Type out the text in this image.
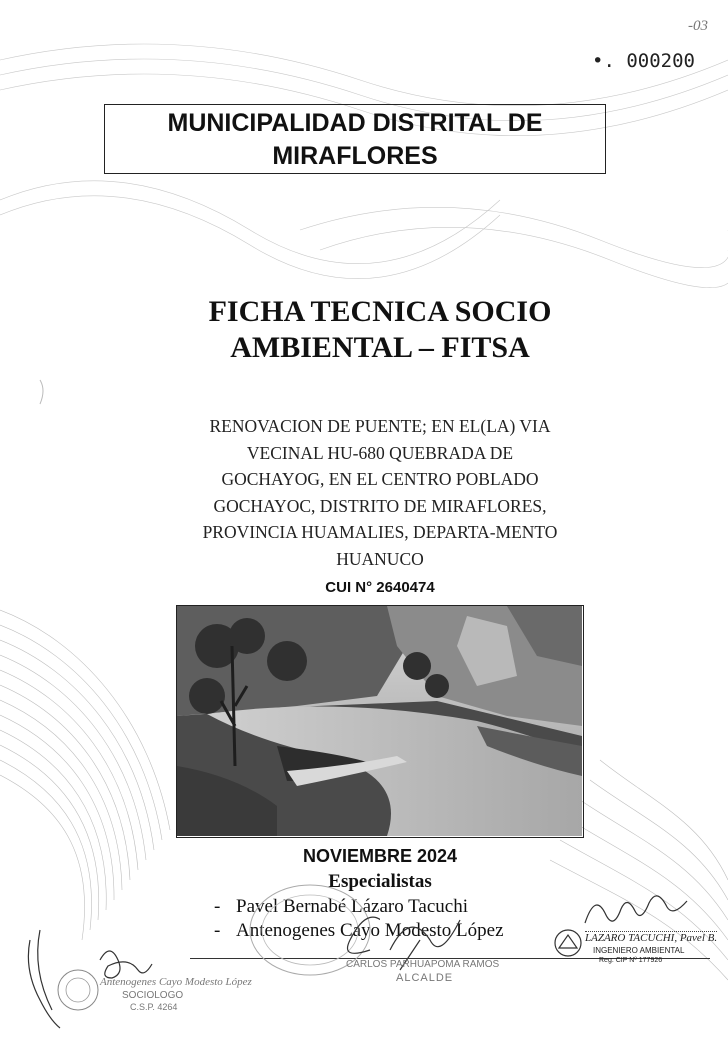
•. 000200
-03
MUNICIPALIDAD DISTRITAL DE
MIRAFLORES
FICHA TECNICA SOCIO
AMBIENTAL – FITSA
RENOVACION DE PUENTE; EN EL(LA) VIA
VECINAL HU-680 QUEBRADA DE
GOCHAYOG, EN EL CENTRO POBLADO
GOCHAYOC, DISTRITO DE MIRAFLORES,
PROVINCIA HUAMALIES, DEPARTA-MENTO
HUANUCO
CUI N° 2640474
NOVIEMBRE 2024
Especialistas
- Pavel Bernabé Lázaro Tacuchi
- Antenogenes Cayo Modesto López
Antenogenes Cayo Modesto López
SOCIOLOGO
C.S.P. 4264
CARLOS PARHUAPOMA RAMOS
ALCALDE
LAZARO TACUCHI, Pavel B.
INGENIERO AMBIENTAL
Reg. CIP Nº 177926
